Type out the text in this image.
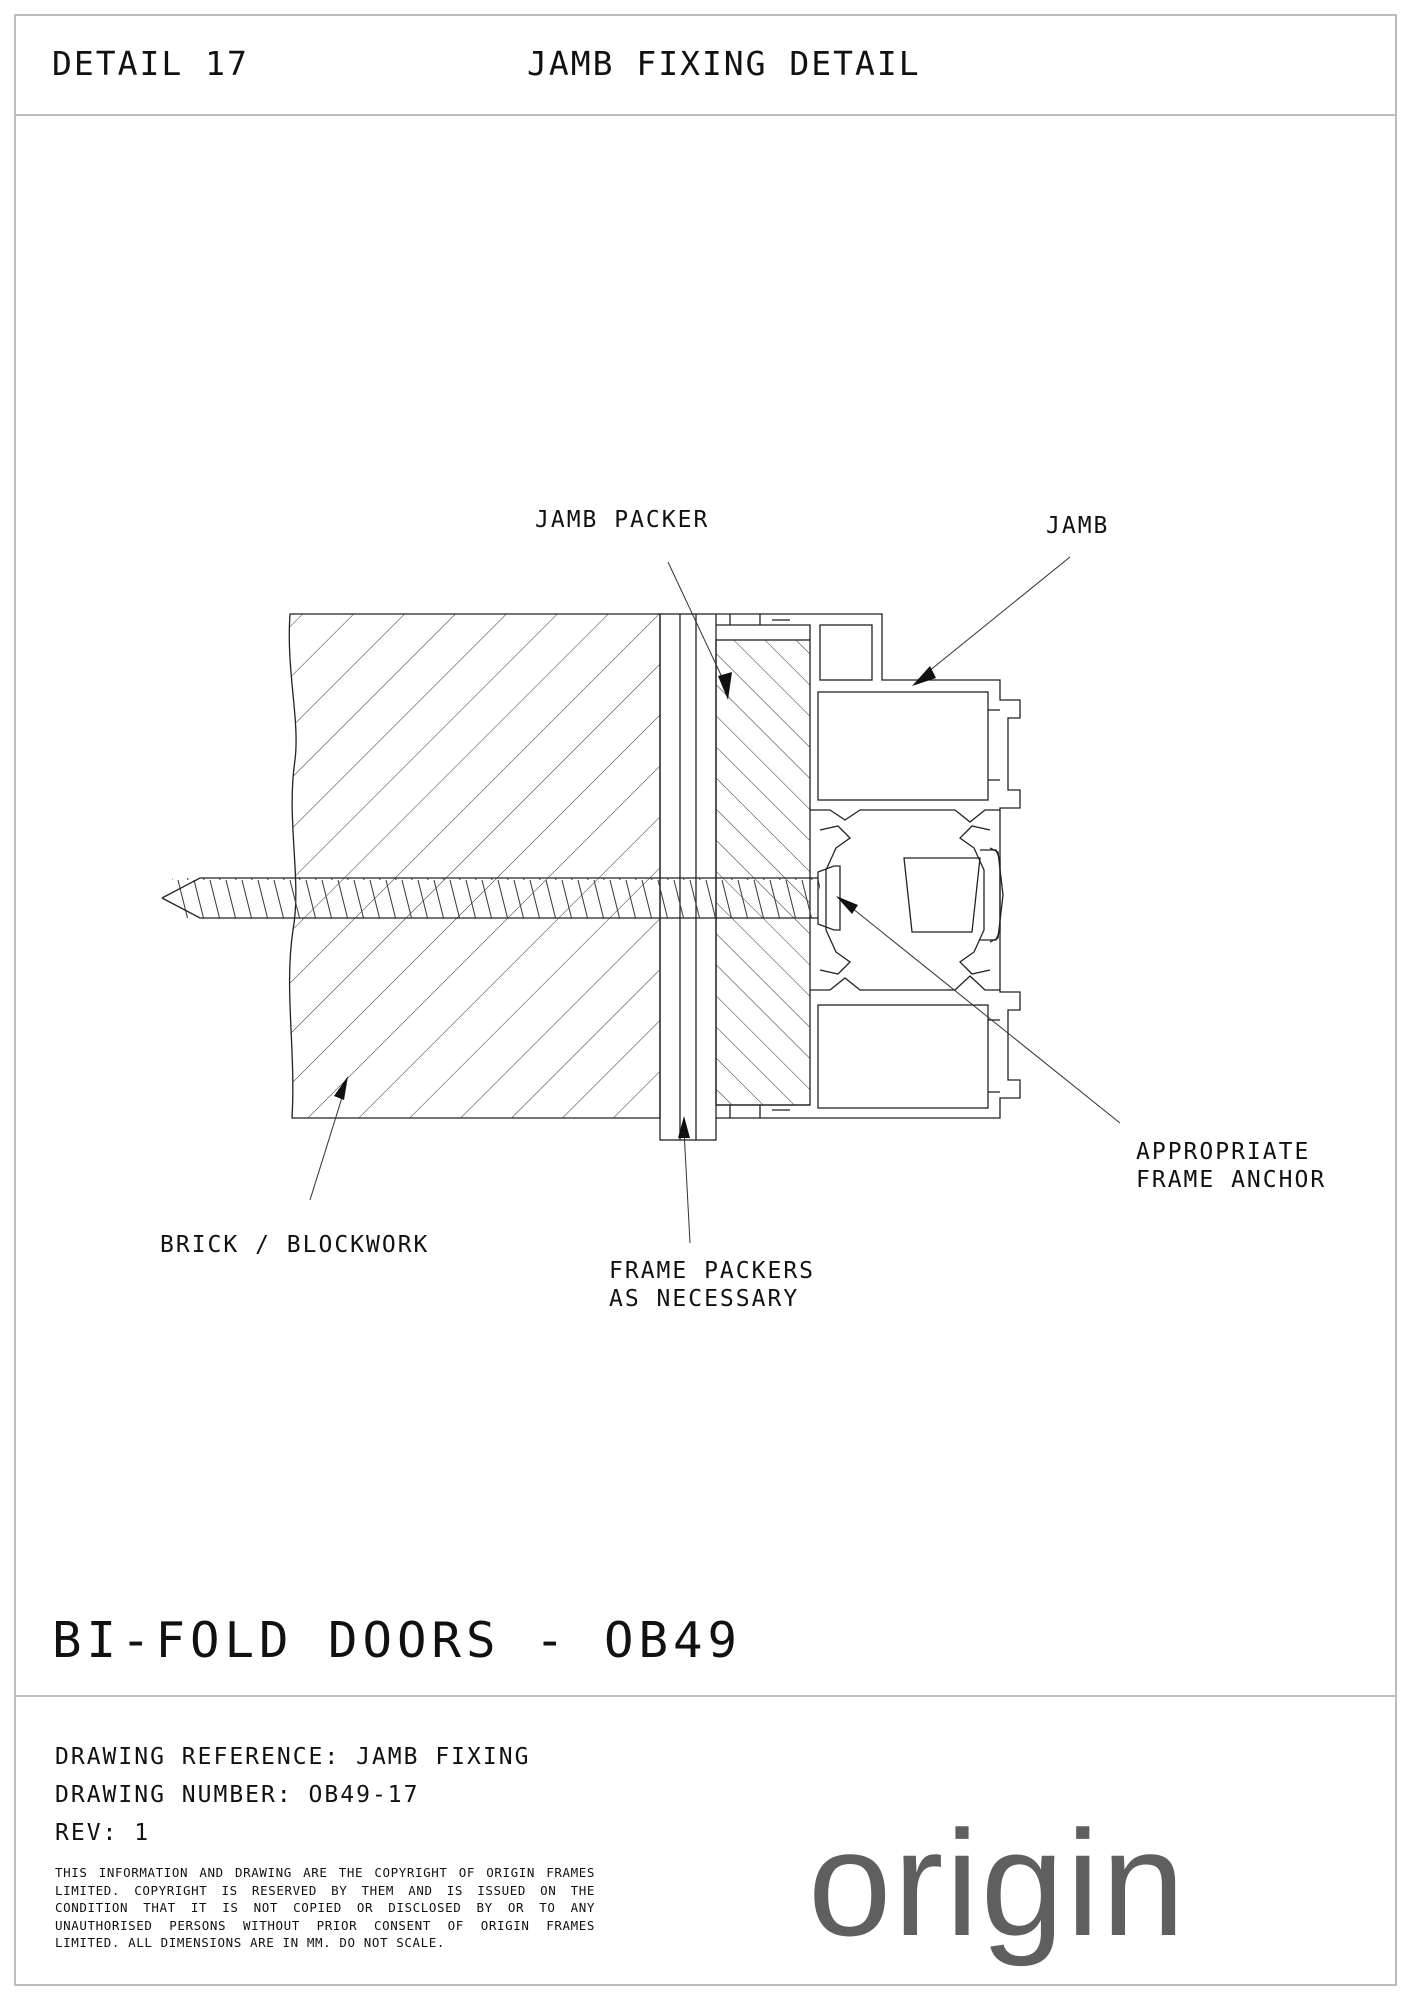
DETAIL 17	JAMB FIXING DETAIL
JAMB PACKER	JAMB
APPROPRIATE
FRAME ANCHOR
BRICK / BLOCKWORK
FRAME PACKERS
AS NECESSARY
BI-FOLD DOORS - OB49
DRAWING REFERENCE: JAMB FIXING
DRAWING NUMBER: OB49-17
REV: 1
THIS INFORMATION AND DRAWING ARE THE COPYRIGHT OF ORIGIN FRAMES LIMITED. COPYRIGHT IS RESERVED BY THEM AND IS ISSUED ON THE CONDITION THAT IT IS NOT COPIED OR DISCLOSED BY OR TO ANY UNAUTHORISED PERSONS WITHOUT PRIOR CONSENT OF ORIGIN FRAMES LIMITED. ALL DIMENSIONS ARE IN MM. DO NOT SCALE.	origin
